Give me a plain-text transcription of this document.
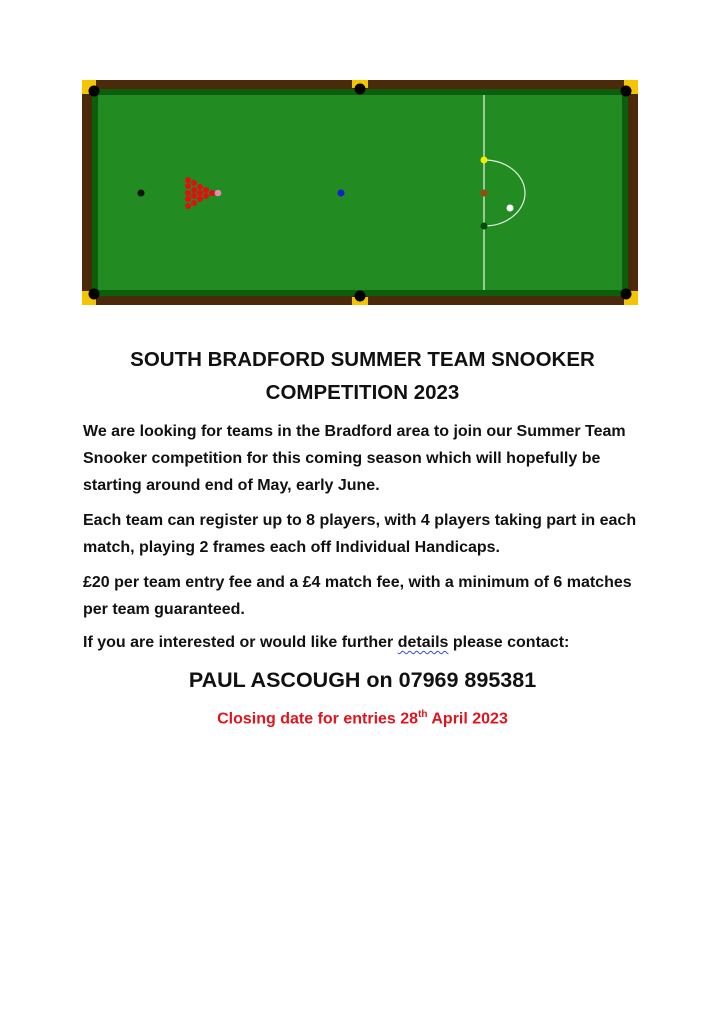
SOUTH BRADFORD SUMMER TEAM SNOOKER
COMPETITION 2023
We are looking for teams in the Bradford area to join our Summer Team Snooker competition for this coming season which will hopefully be starting around end of May, early June.
Each team can register up to 8 players, with 4 players taking part in each match, playing 2 frames each off Individual Handicaps.
£20 per team entry fee and a £4 match fee, with a minimum of 6 matches per team guaranteed.
If you are interested or would like further details please contact:
PAUL ASCOUGH on 07969 895381
Closing date for entries 28th April 2023
